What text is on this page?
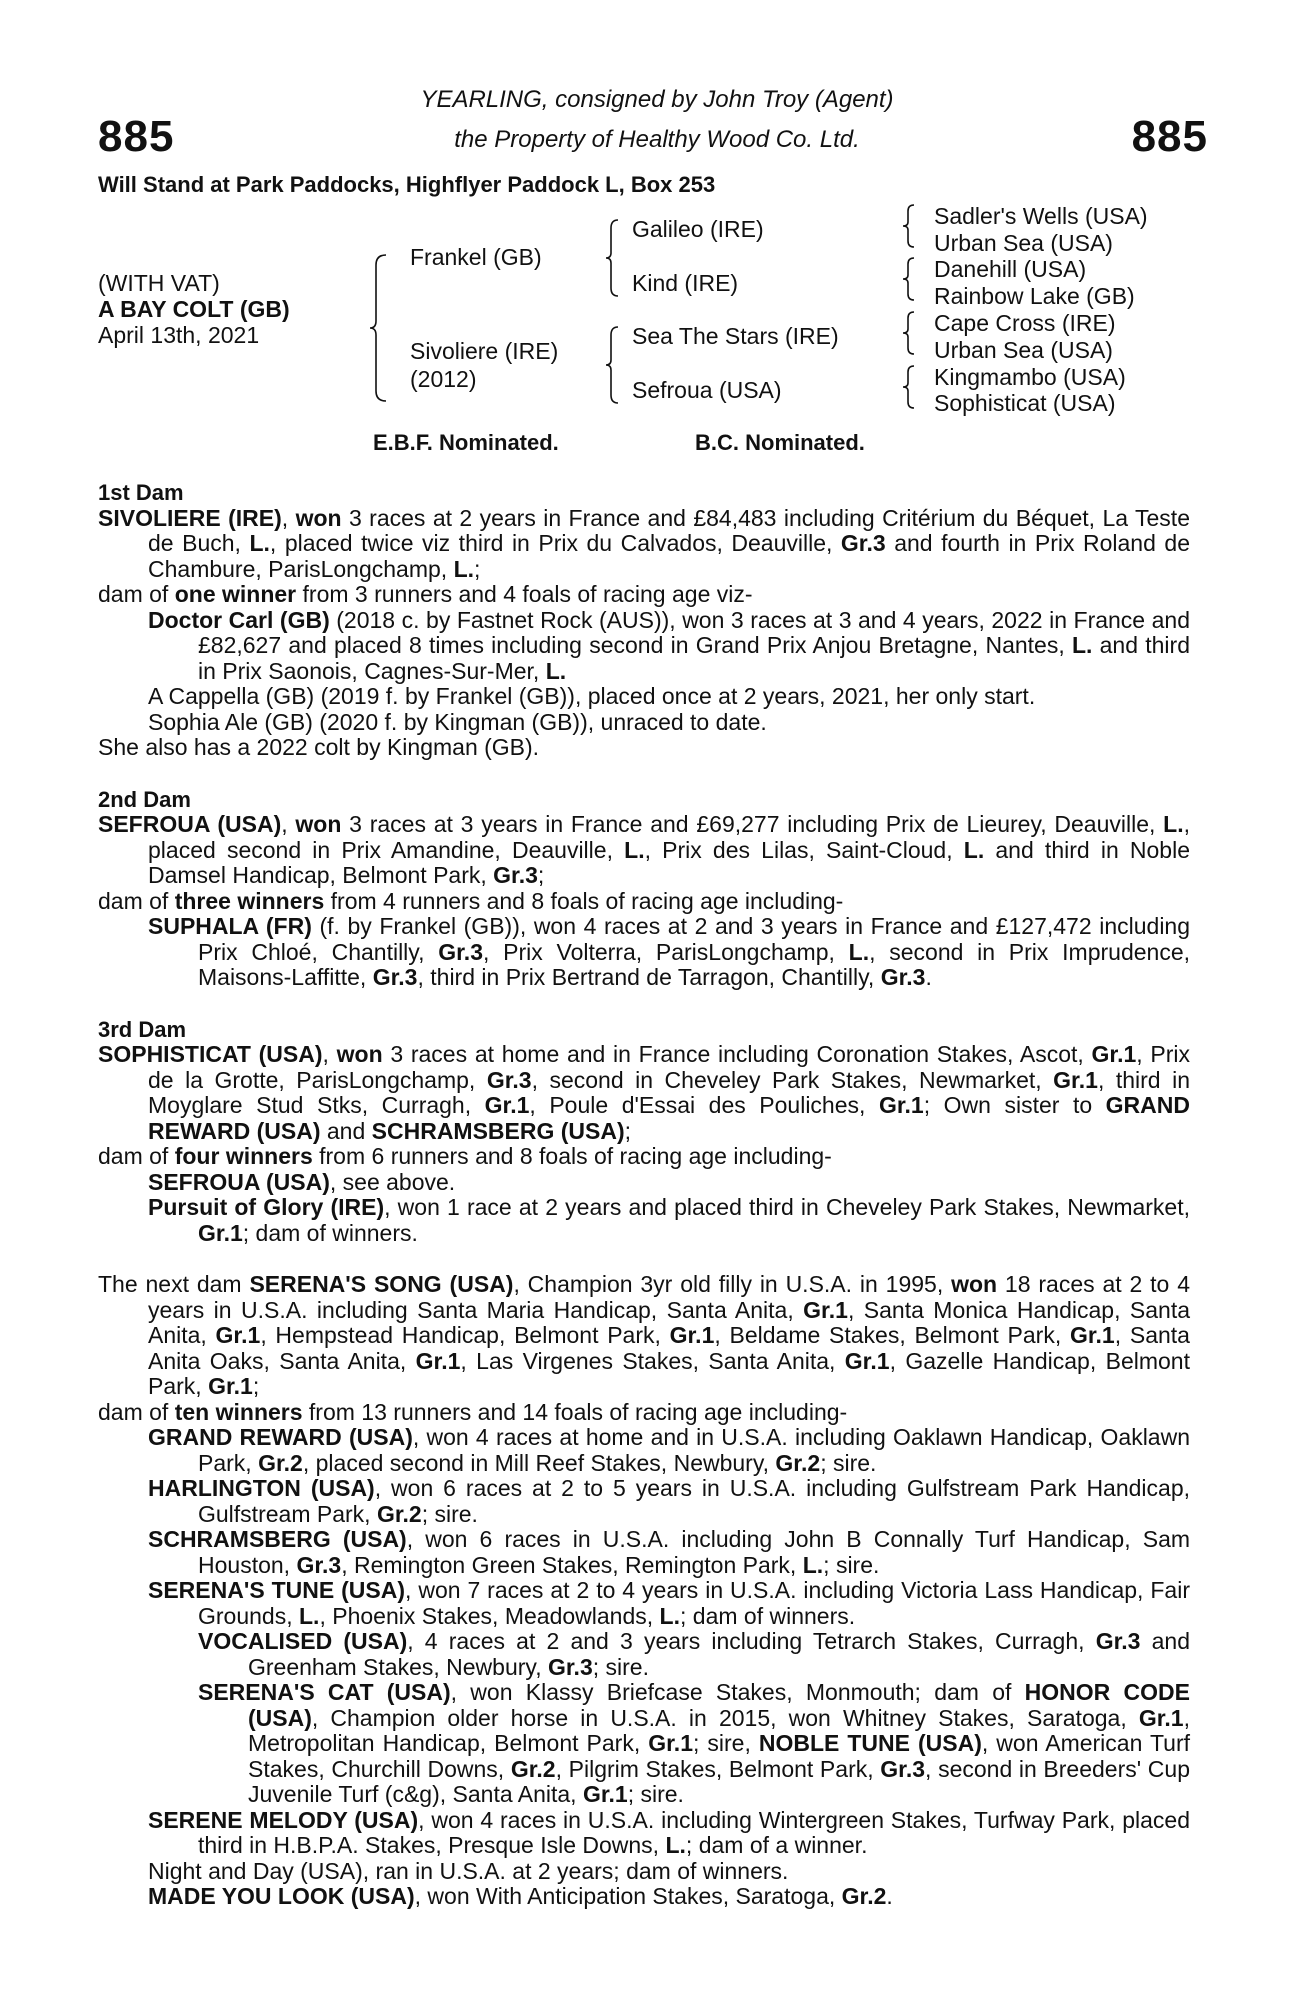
885	885
YEARLING, consigned by John Troy (Agent)
the Property of Healthy Wood Co. Ltd.
Will Stand at Park Paddocks, Highflyer Paddock L, Box 253
(WITH VAT)
A BAY COLT (GB)
April 13th, 2021
Frankel (GB)
Sivoliere (IRE)
(2012)
Galileo (IRE)
Kind (IRE)
Sea The Stars (IRE)
Sefroua (USA)
Sadler's Wells (USA)
Urban Sea (USA)
Danehill (USA)
Rainbow Lake (GB)
Cape Cross (IRE)
Urban Sea (USA)
Kingmambo (USA)
Sophisticat (USA)
E.B.F. Nominated.	B.C. Nominated.
1st Dam

SIVOLIERE (IRE), won 3 races at 2 years in France and £84,483 including Critérium du Béquet, La Teste de Buch, L., placed twice viz third in Prix du Calvados, Deauville, Gr.3 and fourth in Prix Roland de Chambure, ParisLongchamp, L.;

dam of one winner from 3 runners and 4 foals of racing age viz-

Doctor Carl (GB) (2018 c. by Fastnet Rock (AUS)), won 3 races at 3 and 4 years, 2022 in France and £82,627 and placed 8 times including second in Grand Prix Anjou Bretagne, Nantes, L. and third in Prix Saonois, Cagnes-Sur-Mer, L.

A Cappella (GB) (2019 f. by Frankel (GB)), placed once at 2 years, 2021, her only start.

Sophia Ale (GB) (2020 f. by Kingman (GB)), unraced to date.

She also has a 2022 colt by Kingman (GB).

2nd Dam

SEFROUA (USA), won 3 races at 3 years in France and £69,277 including Prix de Lieurey, Deauville, L., placed second in Prix Amandine, Deauville, L., Prix des Lilas, Saint-Cloud, L. and third in Noble Damsel Handicap, Belmont Park, Gr.3;

dam of three winners from 4 runners and 8 foals of racing age including-

SUPHALA (FR) (f. by Frankel (GB)), won 4 races at 2 and 3 years in France and £127,472 including Prix Chloé, Chantilly, Gr.3, Prix Volterra, ParisLongchamp, L., second in Prix Imprudence, Maisons-Laffitte, Gr.3, third in Prix Bertrand de Tarragon, Chantilly, Gr.3.

3rd Dam

SOPHISTICAT (USA), won 3 races at home and in France including Coronation Stakes, Ascot, Gr.1, Prix de la Grotte, ParisLongchamp, Gr.3, second in Cheveley Park Stakes, Newmarket, Gr.1, third in Moyglare Stud Stks, Curragh, Gr.1, Poule d'Essai des Pouliches, Gr.1; Own sister to GRAND REWARD (USA) and SCHRAMSBERG (USA);

dam of four winners from 6 runners and 8 foals of racing age including-

SEFROUA (USA), see above.

Pursuit of Glory (IRE), won 1 race at 2 years and placed third in Cheveley Park Stakes, Newmarket, Gr.1; dam of winners.

The next dam SERENA'S SONG (USA), Champion 3yr old filly in U.S.A. in 1995, won 18 races at 2 to 4 years in U.S.A. including Santa Maria Handicap, Santa Anita, Gr.1, Santa Monica Handicap, Santa Anita, Gr.1, Hempstead Handicap, Belmont Park, Gr.1, Beldame Stakes, Belmont Park, Gr.1, Santa Anita Oaks, Santa Anita, Gr.1, Las Virgenes Stakes, Santa Anita, Gr.1, Gazelle Handicap, Belmont Park, Gr.1;

dam of ten winners from 13 runners and 14 foals of racing age including-

GRAND REWARD (USA), won 4 races at home and in U.S.A. including Oaklawn Handicap, Oaklawn Park, Gr.2, placed second in Mill Reef Stakes, Newbury, Gr.2; sire.

HARLINGTON (USA), won 6 races at 2 to 5 years in U.S.A. including Gulfstream Park Handicap, Gulfstream Park, Gr.2; sire.

SCHRAMSBERG (USA), won 6 races in U.S.A. including John B Connally Turf Handicap, Sam Houston, Gr.3, Remington Green Stakes, Remington Park, L.; sire.

SERENA'S TUNE (USA), won 7 races at 2 to 4 years in U.S.A. including Victoria Lass Handicap, Fair Grounds, L., Phoenix Stakes, Meadowlands, L.; dam of winners.

VOCALISED (USA), 4 races at 2 and 3 years including Tetrarch Stakes, Curragh, Gr.3 and Greenham Stakes, Newbury, Gr.3; sire.

SERENA'S CAT (USA), won Klassy Briefcase Stakes, Monmouth; dam of HONOR CODE (USA), Champion older horse in U.S.A. in 2015, won Whitney Stakes, Saratoga, Gr.1, Metropolitan Handicap, Belmont Park, Gr.1; sire, NOBLE TUNE (USA), won American Turf Stakes, Churchill Downs, Gr.2, Pilgrim Stakes, Belmont Park, Gr.3, second in Breeders' Cup Juvenile Turf (c&g), Santa Anita, Gr.1; sire.

SERENE MELODY (USA), won 4 races in U.S.A. including Wintergreen Stakes, Turfway Park, placed third in H.B.P.A. Stakes, Presque Isle Downs, L.; dam of a winner.

Night and Day (USA), ran in U.S.A. at 2 years; dam of winners.

MADE YOU LOOK (USA), won With Anticipation Stakes, Saratoga, Gr.2.
